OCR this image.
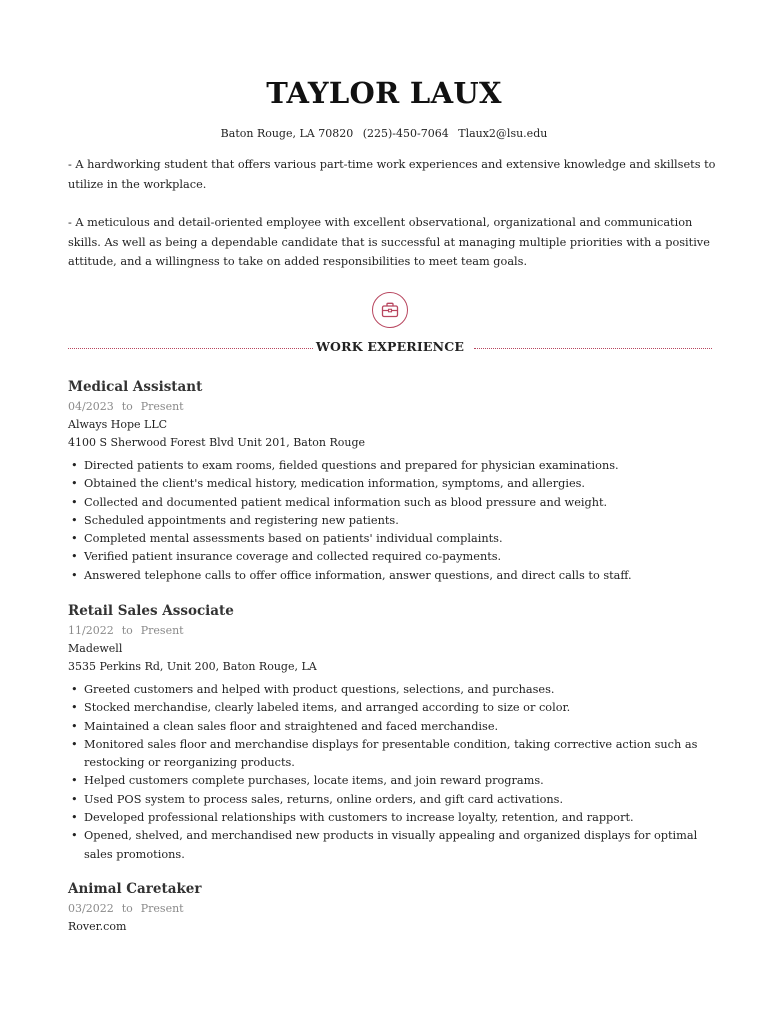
TAYLOR LAUX
Baton Rouge, LA 70820 (225)-450-7064 Tlaux2@lsu.edu

- A hardworking student that offers various part-time work experiences and extensive knowledge and skillsets to utilize in the workplace.

- A meticulous and detail-oriented employee with excellent observational, organizational and communication skills. As well as being a dependable candidate that is successful at managing multiple priorities with a positive attitude, and a willingness to take on added responsibilities to meet team goals.

WORK EXPERIENCE
Medical Assistant
04/2023 to Present
Always Hope LLC
4100 S Sherwood Forest Blvd Unit 201, Baton Rouge
• Directed patients to exam rooms, fielded questions and prepared for physician examinations.
• Obtained the client's medical history, medication information, symptoms, and allergies.
• Collected and documented patient medical information such as blood pressure and weight.
• Scheduled appointments and registering new patients.
• Completed mental assessments based on patients' individual complaints.
• Verified patient insurance coverage and collected required co-payments.
• Answered telephone calls to offer office information, answer questions, and direct calls to staff.
Retail Sales Associate
11/2022 to Present
Madewell
3535 Perkins Rd, Unit 200, Baton Rouge, LA
• Greeted customers and helped with product questions, selections, and purchases.
• Stocked merchandise, clearly labeled items, and arranged according to size or color.
• Maintained a clean sales floor and straightened and faced merchandise.
• Monitored sales floor and merchandise displays for presentable condition, taking corrective action such as restocking or reorganizing products.
• Helped customers complete purchases, locate items, and join reward programs.
• Used POS system to process sales, returns, online orders, and gift card activations.
• Developed professional relationships with customers to increase loyalty, retention, and rapport.
• Opened, shelved, and merchandised new products in visually appealing and organized displays for optimal sales promotions.
Animal Caretaker
03/2022 to Present
Rover.com
